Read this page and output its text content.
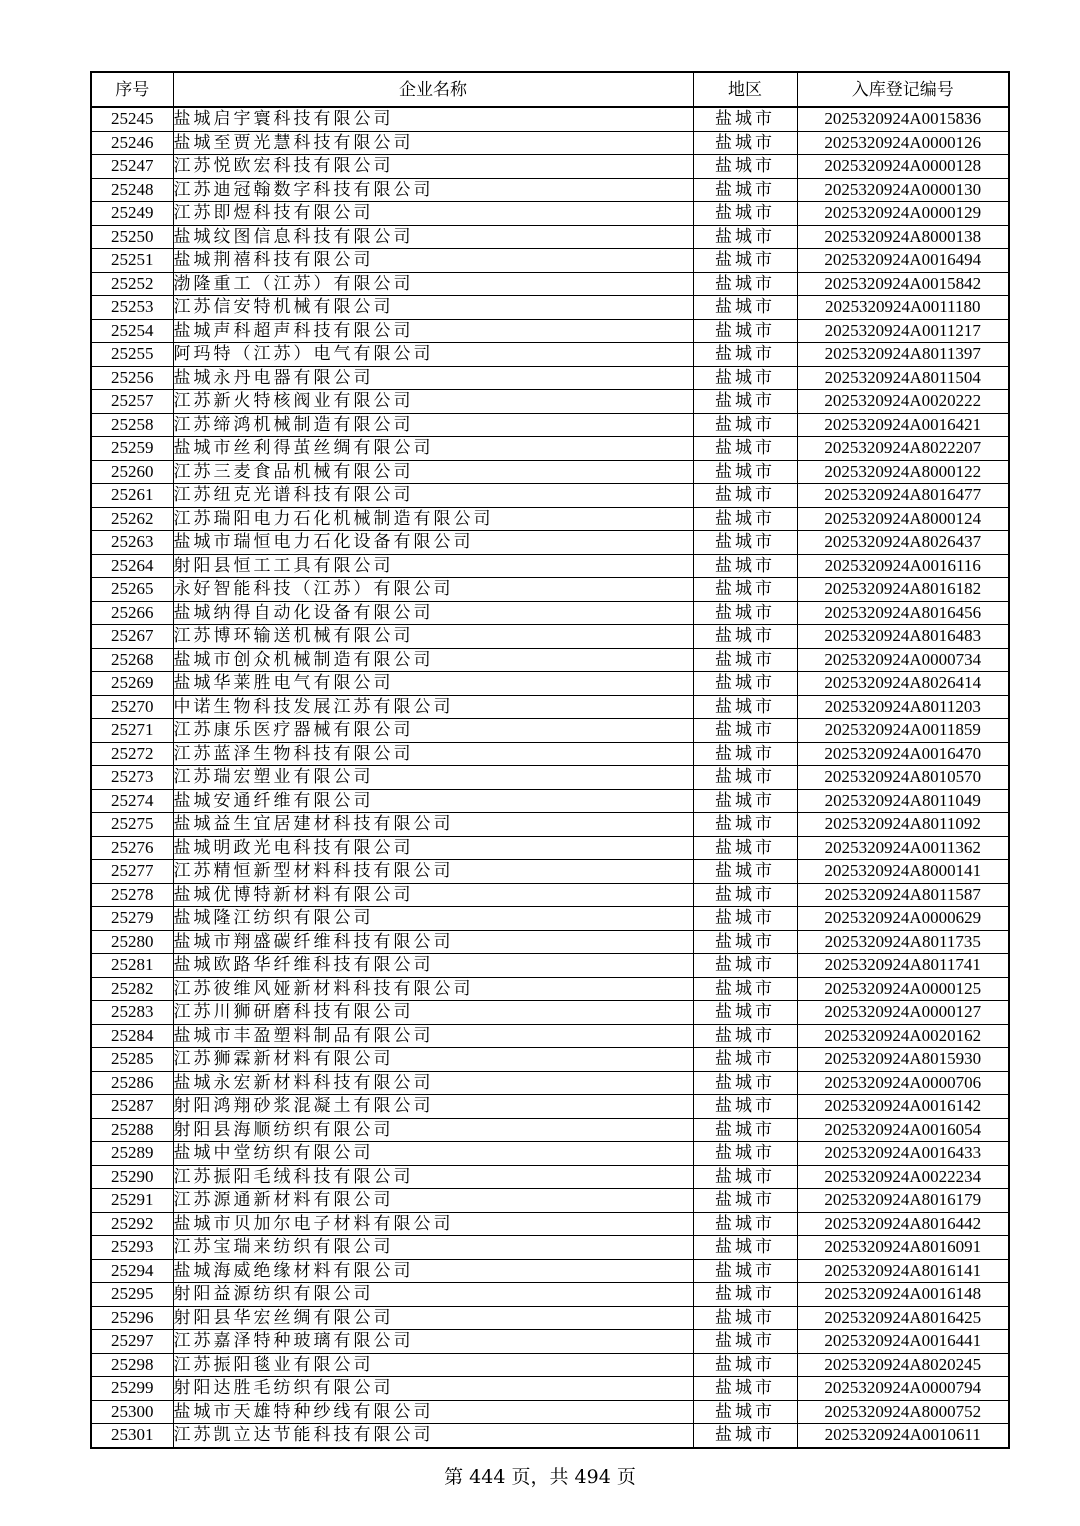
序号	企业名称	地区	入库登记编号
25245	盐城启宇寰科技有限公司	盐城市	2025320924A0015836
25246	盐城至贾光慧科技有限公司	盐城市	2025320924A0000126
25247	江苏悦欧宏科技有限公司	盐城市	2025320924A0000128
25248	江苏迪冠翰数字科技有限公司	盐城市	2025320924A0000130
25249	江苏即煜科技有限公司	盐城市	2025320924A0000129
25250	盐城纹图信息科技有限公司	盐城市	2025320924A8000138
25251	盐城荆禧科技有限公司	盐城市	2025320924A0016494
25252	渤隆重工（江苏）有限公司	盐城市	2025320924A0015842
25253	江苏信安特机械有限公司	盐城市	2025320924A0011180
25254	盐城声科超声科技有限公司	盐城市	2025320924A0011217
25255	阿玛特（江苏）电气有限公司	盐城市	2025320924A8011397
25256	盐城永丹电器有限公司	盐城市	2025320924A8011504
25257	江苏新火特核阀业有限公司	盐城市	2025320924A0020222
25258	江苏缔鸿机械制造有限公司	盐城市	2025320924A0016421
25259	盐城市丝利得茧丝绸有限公司	盐城市	2025320924A8022207
25260	江苏三麦食品机械有限公司	盐城市	2025320924A8000122
25261	江苏纽克光谱科技有限公司	盐城市	2025320924A8016477
25262	江苏瑞阳电力石化机械制造有限公司	盐城市	2025320924A8000124
25263	盐城市瑞恒电力石化设备有限公司	盐城市	2025320924A8026437
25264	射阳县恒工工具有限公司	盐城市	2025320924A0016116
25265	永好智能科技（江苏）有限公司	盐城市	2025320924A8016182
25266	盐城纳得自动化设备有限公司	盐城市	2025320924A8016456
25267	江苏博环输送机械有限公司	盐城市	2025320924A8016483
25268	盐城市创众机械制造有限公司	盐城市	2025320924A0000734
25269	盐城华莱胜电气有限公司	盐城市	2025320924A8026414
25270	中诺生物科技发展江苏有限公司	盐城市	2025320924A8011203
25271	江苏康乐医疗器械有限公司	盐城市	2025320924A0011859
25272	江苏蓝泽生物科技有限公司	盐城市	2025320924A0016470
25273	江苏瑞宏塑业有限公司	盐城市	2025320924A8010570
25274	盐城安通纤维有限公司	盐城市	2025320924A8011049
25275	盐城益生宜居建材科技有限公司	盐城市	2025320924A8011092
25276	盐城明政光电科技有限公司	盐城市	2025320924A0011362
25277	江苏精恒新型材料科技有限公司	盐城市	2025320924A8000141
25278	盐城优博特新材料有限公司	盐城市	2025320924A8011587
25279	盐城隆江纺织有限公司	盐城市	2025320924A0000629
25280	盐城市翔盛碳纤维科技有限公司	盐城市	2025320924A8011735
25281	盐城欧路华纤维科技有限公司	盐城市	2025320924A8011741
25282	江苏彼维风娅新材料科技有限公司	盐城市	2025320924A0000125
25283	江苏川狮研磨科技有限公司	盐城市	2025320924A0000127
25284	盐城市丰盈塑料制品有限公司	盐城市	2025320924A0020162
25285	江苏狮霖新材料有限公司	盐城市	2025320924A8015930
25286	盐城永宏新材料科技有限公司	盐城市	2025320924A0000706
25287	射阳鸿翔砂浆混凝土有限公司	盐城市	2025320924A0016142
25288	射阳县海顺纺织有限公司	盐城市	2025320924A0016054
25289	盐城中堂纺织有限公司	盐城市	2025320924A0016433
25290	江苏振阳毛绒科技有限公司	盐城市	2025320924A0022234
25291	江苏源通新材料有限公司	盐城市	2025320924A8016179
25292	盐城市贝加尔电子材料有限公司	盐城市	2025320924A8016442
25293	江苏宝瑞来纺织有限公司	盐城市	2025320924A8016091
25294	盐城海威绝缘材料有限公司	盐城市	2025320924A8016141
25295	射阳益源纺织有限公司	盐城市	2025320924A0016148
25296	射阳县华宏丝绸有限公司	盐城市	2025320924A8016425
25297	江苏嘉泽特种玻璃有限公司	盐城市	2025320924A0016441
25298	江苏振阳毯业有限公司	盐城市	2025320924A8020245
25299	射阳达胜毛纺织有限公司	盐城市	2025320924A0000794
25300	盐城市天雄特种纱线有限公司	盐城市	2025320924A8000752
25301	江苏凯立达节能科技有限公司	盐城市	2025320924A0010611
第 444 页，共 494 页
